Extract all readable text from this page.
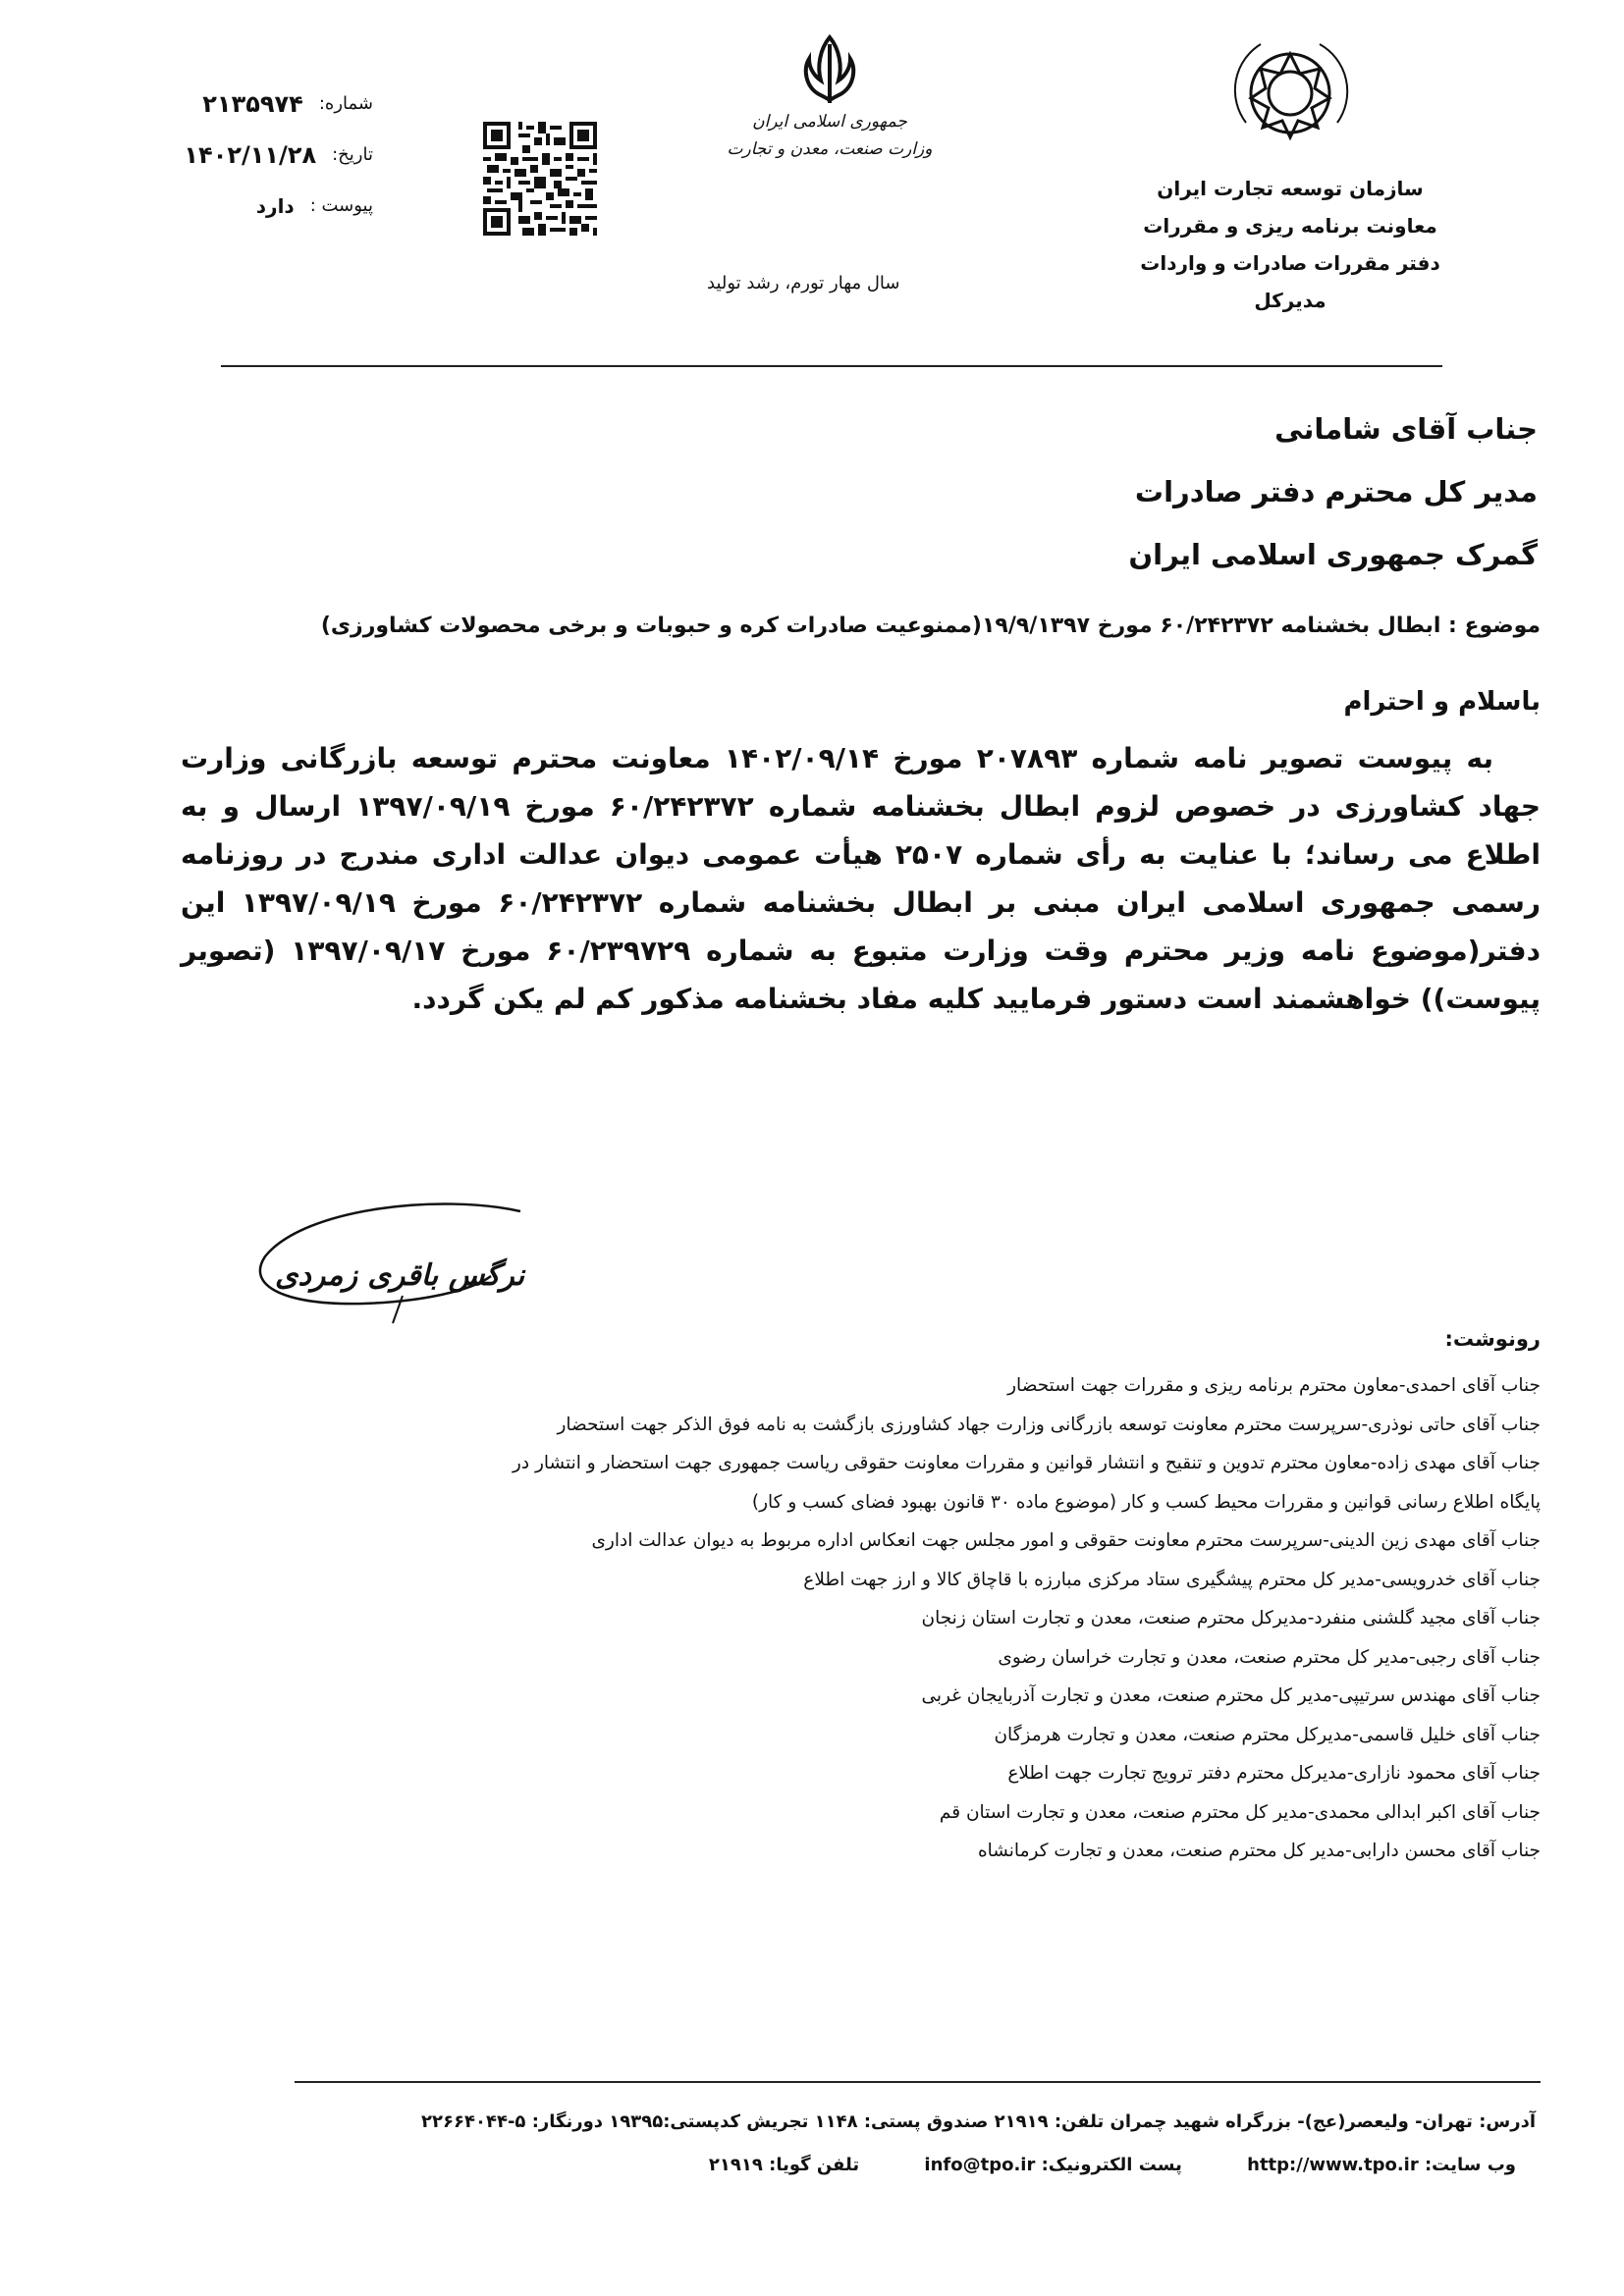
سازمان توسعه تجارت ایران
معاونت برنامه ریزی و مقررات
دفتر مقررات صادرات و واردات
مدیرکل
جمهوری اسلامی ایران
وزارت صنعت، معدن و تجارت
سال مهار تورم، رشد تولید
شماره:
۲۱۳۵۹۷۴
تاریخ:
۱۴۰۲/۱۱/۲۸
پیوست :
دارد
جناب آقای شامانی
مدیر کل محترم دفتر صادرات
گمرک جمهوری اسلامی ایران
موضوع : ابطال بخشنامه ۶۰/۲۴۲۳۷۲ مورخ ۱۹/۹/۱۳۹۷(ممنوعیت صادرات کره و حبوبات و برخی محصولات کشاورزی)
باسلام و احترام

به پیوست تصویر نامه شماره ۲۰۷۸۹۳ مورخ ۱۴۰۲/۰۹/۱۴ معاونت محترم توسعه بازرگانی وزارت جهاد کشاورزی در خصوص لزوم ابطال بخشنامه شماره ۶۰/۲۴۲۳۷۲ مورخ ۱۳۹۷/۰۹/۱۹ ارسال و به اطلاع می رساند؛ با عنایت به رأی شماره ۲۵۰۷ هیأت عمومی دیوان عدالت اداری مندرج در روزنامه رسمی جمهوری اسلامی ایران مبنی بر ابطال بخشنامه شماره ۶۰/۲۴۲۳۷۲ مورخ ۱۳۹۷/۰۹/۱۹ این دفتر(موضوع نامه وزیر محترم وقت وزارت متبوع به شماره ۶۰/۲۳۹۷۲۹ مورخ ۱۳۹۷/۰۹/۱۷ (تصویر پیوست)) خواهشمند است دستور فرمایید کلیه مفاد بخشنامه مذکور کم لم یکن گردد.

نرگس باقری زمردی
رونوشت:
جناب آقای احمدی-معاون محترم برنامه ریزی و مقررات جهت استحضار
جناب آقای حاتی نوذری-سرپرست محترم معاونت توسعه بازرگانی وزارت جهاد کشاورزی بازگشت به نامه فوق الذکر جهت استحضار
جناب آقای مهدی زاده-معاون محترم تدوین و تنقیح و انتشار قوانین و مقررات معاونت حقوقی ریاست جمهوری جهت استحضار و انتشار در
پایگاه اطلاع رسانی قوانین و مقررات محیط کسب و کار (موضوع ماده ۳۰ قانون بهبود فضای کسب و کار)
جناب آقای مهدی زین الدینی-سرپرست محترم معاونت حقوقی و امور مجلس جهت انعکاس اداره مربوط به دیوان عدالت اداری
جناب آقای خدرویسی-مدیر کل محترم پیشگیری ستاد مرکزی مبارزه با قاچاق کالا و ارز جهت اطلاع
جناب آقای مجید گلشنی منفرد-مدیرکل محترم صنعت، معدن و تجارت استان زنجان
جناب آقای رجبی-مدیر کل محترم صنعت، معدن و تجارت خراسان رضوی
جناب آقای مهندس سرتیپی-مدیر کل محترم صنعت، معدن و تجارت آذربایجان غربی
جناب آقای خلیل قاسمی-مدیرکل محترم صنعت، معدن و تجارت هرمزگان
جناب آقای محمود نازاری-مدیرکل محترم دفتر ترویج تجارت جهت اطلاع
جناب آقای اکبر ابدالی محمدی-مدیر کل محترم صنعت، معدن و تجارت استان قم
جناب آقای محسن دارابی-مدیر کل محترم صنعت، معدن و تجارت کرمانشاه
آدرس: تهران- ولیعصر(عج)- بزرگراه شهید چمران تلفن: ۲۱۹۱۹ صندوق پستی: ۱۱۴۸ تجریش کدپستی:۱۹۳۹۵ دورنگار: ۵-۲۲۶۶۴۰۴۴
وب سایت: http://www.tpo.ir پست الکترونیک: info@tpo.ir تلفن گویا: ۲۱۹۱۹
